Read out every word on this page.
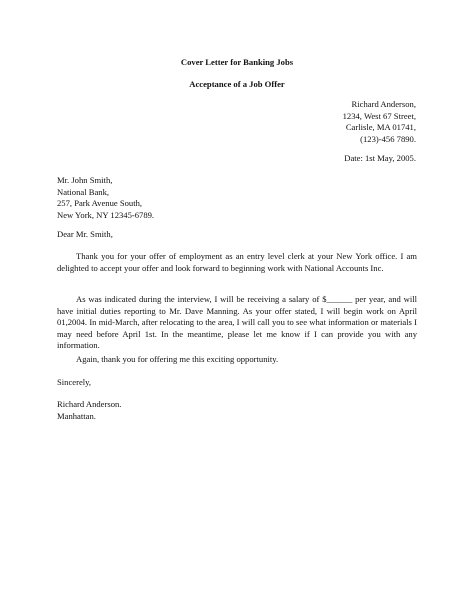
Cover Letter for Banking Jobs
Acceptance of a Job Offer
Richard Anderson,
1234, West 67 Street,
Carlisle, MA 01741,
(123)-456 7890.
Date: 1st May, 2005.
Mr. John Smith,
National Bank,
257, Park Avenue South,
New York, NY 12345-6789.
Dear Mr. Smith,
Thank you for your offer of employment as an entry level clerk at your New York office. I am delighted to accept your offer and look forward to beginning work with National Accounts Inc.
As was indicated during the interview, I will be receiving a salary of $______ per year, and will have initial duties reporting to Mr. Dave Manning. As your offer stated, I will begin work on April 01,2004. In mid-March, after relocating to the area, I will call you to see what information or materials I may need before April 1st. In the meantime, please let me know if I can provide you with any information.
Again, thank you for offering me this exciting opportunity.
Sincerely,
Richard Anderson.
Manhattan.
